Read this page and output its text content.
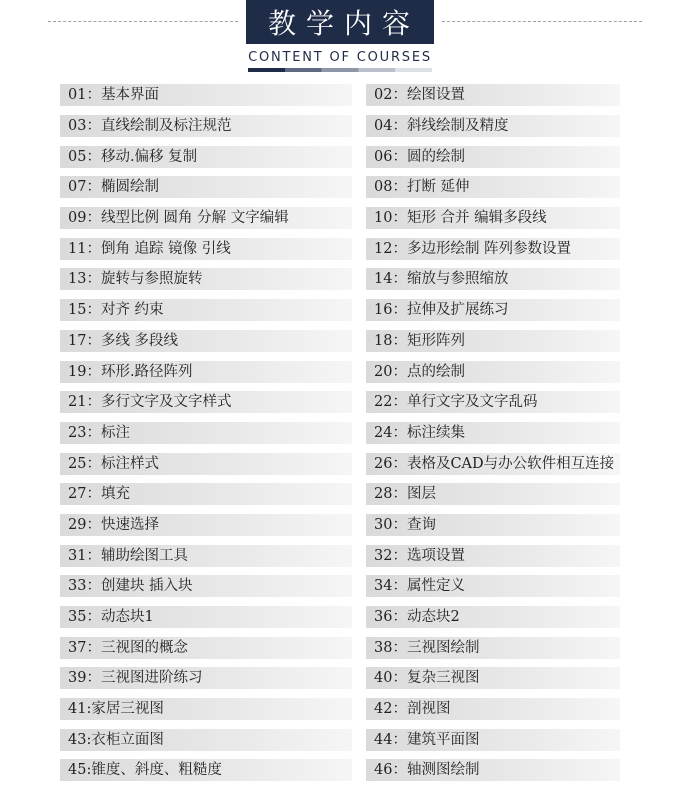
教学内容
CONTENT OF COURSES
01：基本界面	02：绘图设置
03：直线绘制及标注规范	04：斜线绘制及精度
05：移动.偏移 复制	06：圆的绘制
07：椭圆绘制	08：打断 延伸
09：线型比例 圆角 分解 文字编辑	10：矩形 合并 编辑多段线
11：倒角 追踪 镜像 引线	12：多边形绘制 阵列参数设置
13：旋转与参照旋转	14：缩放与参照缩放
15：对齐 约束	16：拉伸及扩展练习
17：多线 多段线	18：矩形阵列
19：环形.路径阵列	20：点的绘制
21：多行文字及文字样式	22：单行文字及文字乱码
23：标注	24：标注续集
25：标注样式	26：表格及CAD与办公软件相互连接
27：填充	28：图层
29：快速选择	30：查询
31：辅助绘图工具	32：选项设置
33：创建块 插入块	34：属性定义
35：动态块1	36：动态块2
37：三视图的概念	38：三视图绘制
39：三视图进阶练习	40：复杂三视图
41:家居三视图	42：剖视图
43:衣柜立面图	44：建筑平面图
45:锥度、斜度、粗糙度	46：轴测图绘制
